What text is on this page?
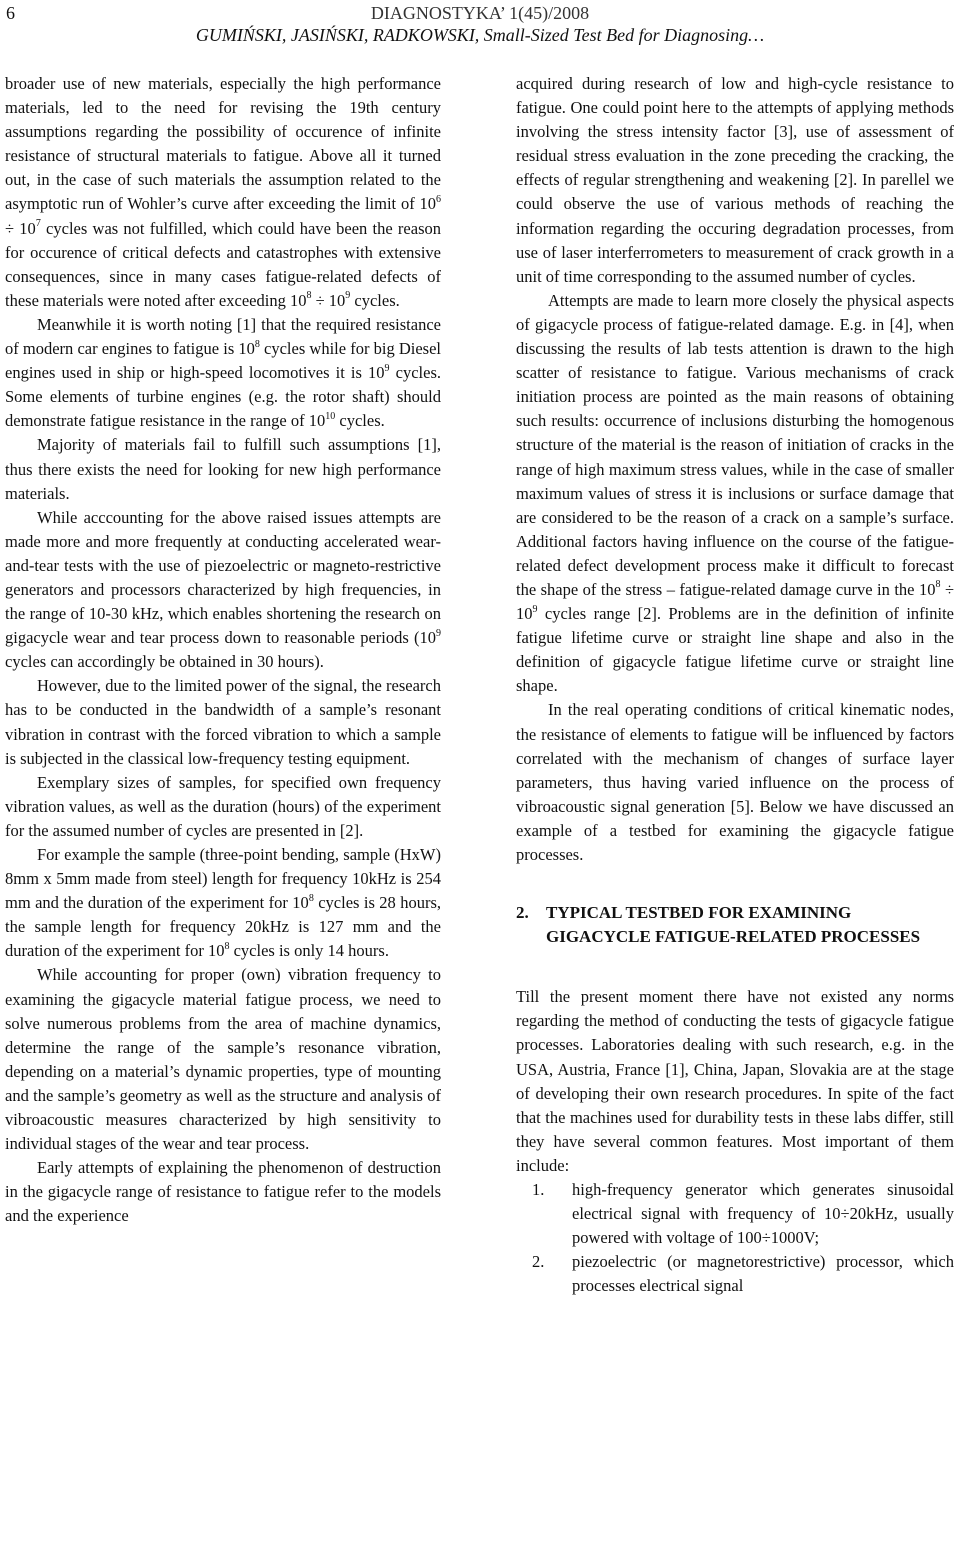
6	DIAGNOSTYKA’ 1(45)/2008
GUMIŃSKI, JASIŃSKI, RADKOWSKI, Small-Sized Test Bed for Diagnosing…

broader use of new materials, especially the high performance materials, led to the need for revising the 19th century assumptions regarding the possibility of occurence of infinite resistance of structural materials to fatigue. Above all it turned out, in the case of such materials the assumption related to the asymptotic run of Wohler’s curve after exceeding the limit of $10^6 \div 10^7$ cycles was not fulfilled, which could have been the reason for occurence of critical defects and catastrophes with extensive consequences, since in many cases fatigue-related defects of these materials were noted after exceeding $10^8 \div 10^9$ cycles.

Meanwhile it is worth noting [1] that the required resistance of modern car engines to fatigue is $10^8$ cycles while for big Diesel engines used in ship or high-speed locomotives it is $10^9$ cycles. Some elements of turbine engines (e.g. the rotor shaft) should demonstrate fatigue resistance in the range of $10^{10}$ cycles.

Majority of materials fail to fulfill such assumptions [1], thus there exists the need for looking for new high performance materials.

While acccounting for the above raised issues attempts are made more and more frequently at conducting accelerated wear-and-tear tests with the use of piezoelectric or magneto-restrictive generators and processors characterized by high frequencies, in the range of 10-30 kHz, which enables shortening the research on gigacycle wear and tear process down to reasonable periods ($10^9$ cycles can accordingly be obtained in 30 hours).

However, due to the limited power of the signal, the research has to be conducted in the bandwidth of a sample’s resonant vibration in contrast with the forced vibration to which a sample is subjected in the classical low-frequency testing equipment.

Exemplary sizes of samples, for specified own frequency vibration values, as well as the duration (hours) of the experiment for the assumed number of cycles are presented in [2].

For example the sample (three-point bending, sample (HxW) 8mm x 5mm made from steel) length for frequency 10kHz is 254 mm and the duration of the experiment for $10^8$ cycles is 28 hours, the sample length for frequency 20kHz is 127 mm and the duration of the experiment for $10^8$ cycles is only 14 hours.

While accounting for proper (own) vibration frequency to examining the gigacycle material fatigue process, we need to solve numerous problems from the area of machine dynamics, determine the range of the sample’s resonance vibration, depending on a material’s dynamic properties, type of mounting and the sample’s geometry as well as the structure and analysis of vibroacoustic measures characterized by high sensitivity to individual stages of the wear and tear process.

Early attempts of explaining the phenomenon of destruction in the gigacycle range of resistance to fatigue refer to the models and the experience

acquired during research of low and high-cycle resistance to fatigue. One could point here to the attempts of applying methods involving the stress intensity factor [3], use of assessment of residual stress evaluation in the zone preceding the cracking, the effects of regular strengthening and weakening [2]. In parellel we could observe the use of various methods of reaching the information regarding the occuring degradation processes, from use of laser interferrometers to measurement of crack growth in a unit of time corresponding to the assumed number of cycles.

Attempts are made to learn more closely the physical aspects of gigacycle process of fatigue-related damage. E.g. in [4], when discussing the results of lab tests attention is drawn to the high scatter of resistance to fatigue. Various mechanisms of crack initiation process are pointed as the main reasons of obtaining such results: occurrence of inclusions disturbing the homogenous structure of the material is the reason of initiation of cracks in the range of high maximum stress values, while in the case of smaller maximum values of stress it is inclusions or surface damage that are considered to be the reason of a crack on a sample’s surface. Additional factors having influence on the course of the fatigue-related defect development process make it difficult to forecast the shape of the stress – fatigue-related damage curve in the $10^8 \div 10^9$ cycles range [2]. Problems are in the definition of infinite fatigue lifetime curve or straight line shape and also in the definition of gigacycle fatigue lifetime curve or straight line shape.

In the real operating conditions of critical kinematic nodes, the resistance of elements to fatigue will be influenced by factors correlated with the mechanism of changes of surface layer parameters, thus having varied influence on the process of vibroacoustic signal generation [5]. Below we have discussed an example of a testbed for examining the gigacycle fatigue processes.

2.	TYPICAL TESTBED FOR EXAMINING GIGACYCLE FATIGUE-RELATED PROCESSES

Till the present moment there have not existed any norms regarding the method of conducting the tests of gigacycle fatigue processes. Laboratories dealing with such research, e.g. in the USA, Austria, France [1], China, Japan, Slovakia are at the stage of developing their own research procedures. In spite of the fact that the machines used for durability tests in these labs differ, still they have several common features. Most important of them include:

1.	high-frequency generator which generates sinusoidal electrical signal with frequency of 10÷20kHz, usually powered with voltage of 100÷1000V;
2.	piezoelectric (or magnetorestrictive) processor, which processes electrical signal
